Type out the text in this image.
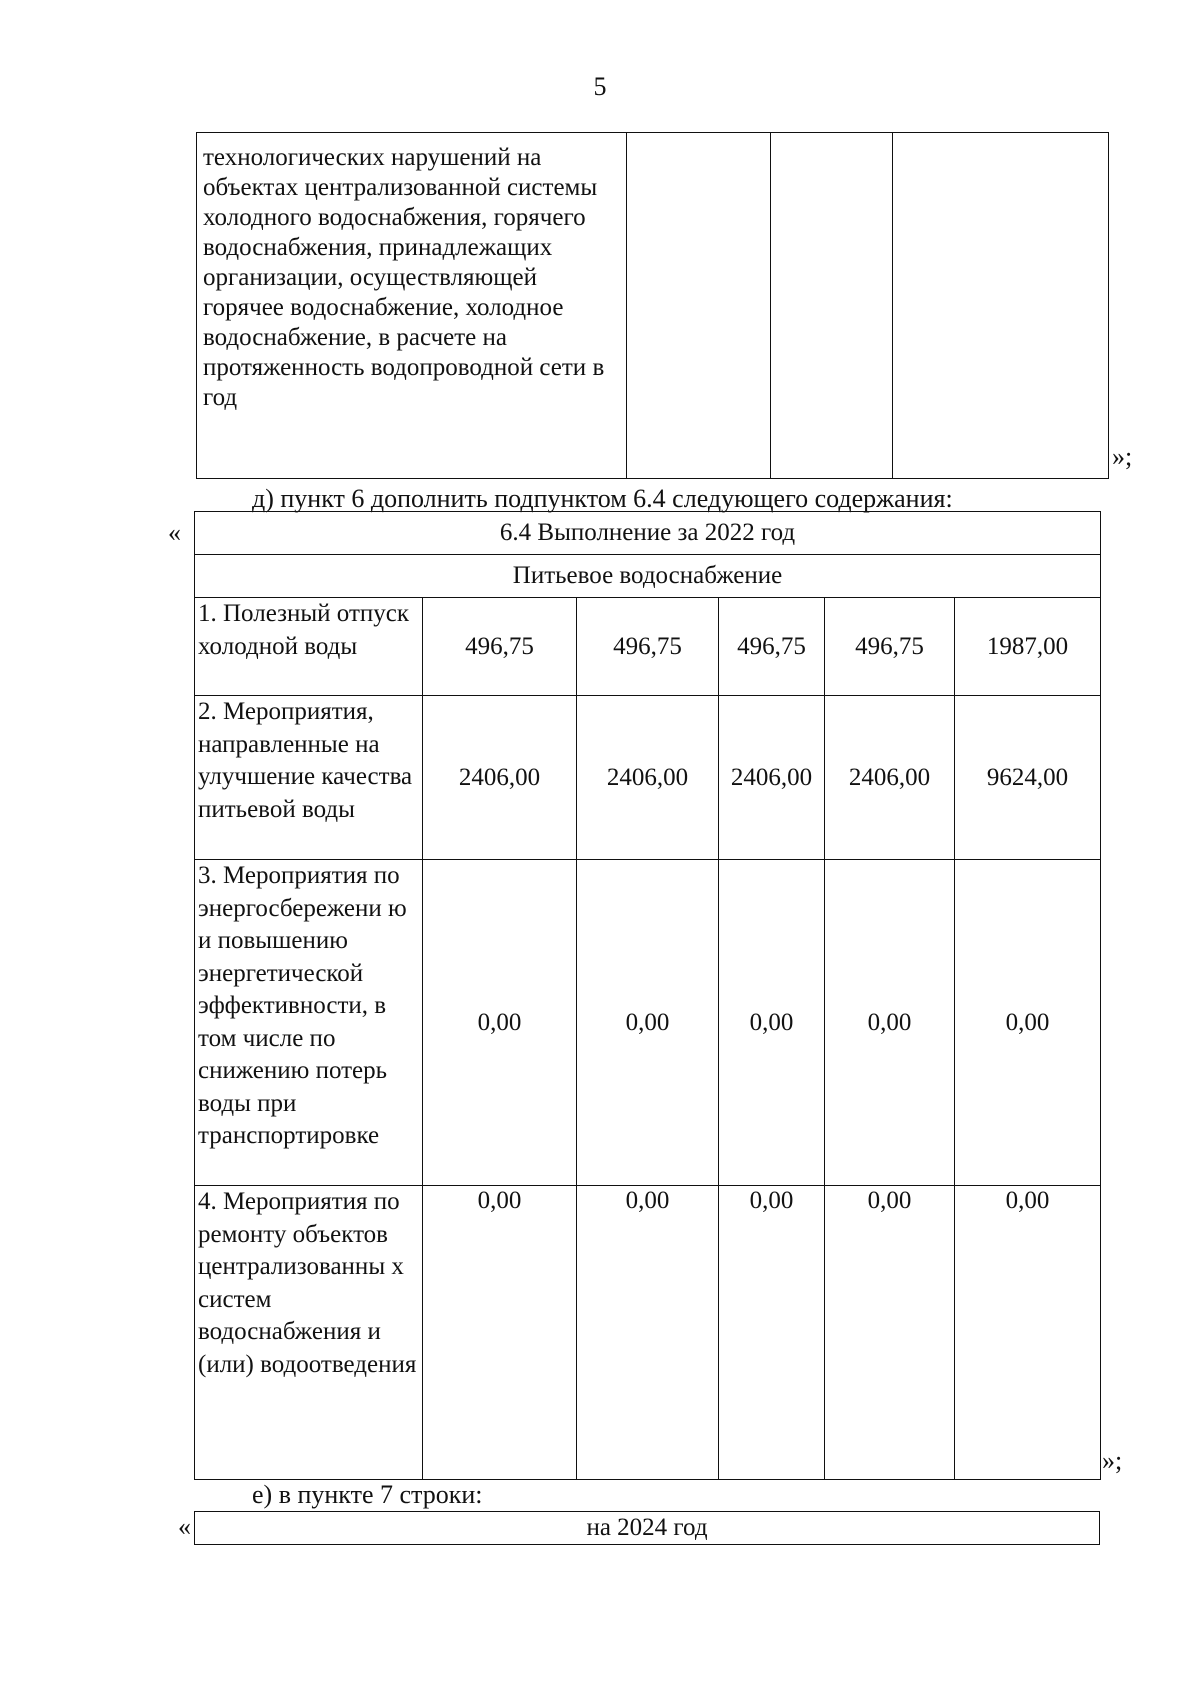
5
технологических нарушений на объектах централизованной системы холодного водоснабжения, горячего водоснабжения, принадлежащих организации, осуществляющей горячее водоснабжение, холодное водоснабжение, в расчете на протяженность водопроводной сети в год

»;
д) пункт 6 дополнить подпунктом 6.4 следующего содержания:
«	6.4 Выполнение за 2022 год					
Питьевое водоснабжение					
1. Полезный отпуск холодной воды	496,75	496,75	496,75	496,75	1987,00
2. Мероприятия, направленные на улучшение качества питьевой воды	2406,00	2406,00	2406,00	2406,00	9624,00
3. Мероприятия по энергосбережени ю и повышению энергетической эффективности, в том числе по снижению потерь воды при транспортировке	0,00	0,00	0,00	0,00	0,00
4. Мероприятия по ремонту объектов централизованны х систем водоснабжения и (или) водоотведения	0,00	0,00	0,00	0,00	0,00
»;
е) в пункте 7 строки:
«	на 2024 год
